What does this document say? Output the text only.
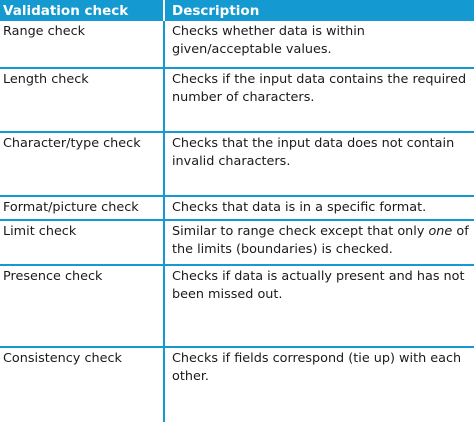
Validation check	Description
Range check	Checks whether data is within given/acceptable values.
Length check	Checks if the input data contains the required number of characters.
Character/type check	Checks that the input data does not contain invalid characters.
Format/picture check	Checks that data is in a specific format.
Limit check	Similar to range check except that only one of the limits (boundaries) is checked.
Presence check	Checks if data is actually present and has not been missed out.
Consistency check	Checks if fields correspond (tie up) with each other.
